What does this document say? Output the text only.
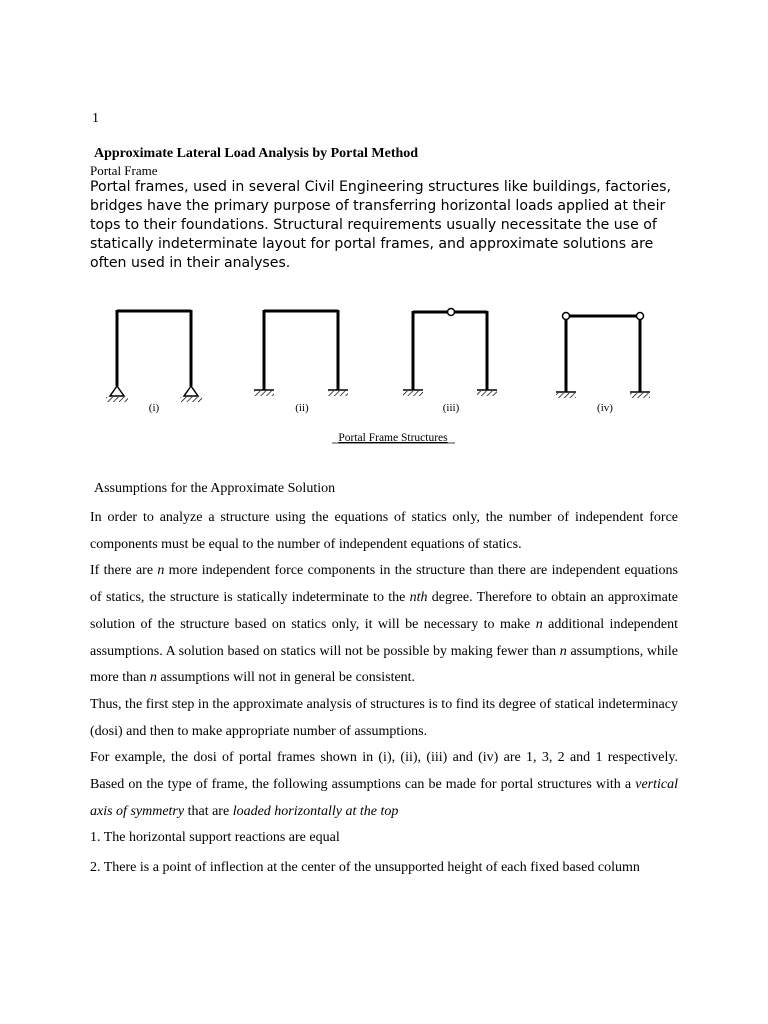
1
Approximate Lateral Load Analysis by Portal Method
Portal Frame
Portal frames, used in several Civil Engineering structures like buildings, factories,
bridges have the primary purpose of transferring horizontal loads applied at their
tops to their foundations. Structural requirements usually necessitate the use of
statically indeterminate layout for portal frames, and approximate solutions are
often used in their analyses.
(i)	(ii)	(iii)	(iv)
Portal Frame Structures
Assumptions for the Approximate Solution

In order to analyze a structure using the equations of statics only, the number of independent force components must be equal to the number of independent equations of statics.

If there are n more independent force components in the structure than there are independent equations of statics, the structure is statically indeterminate to the nth degree. Therefore to obtain an approximate solution of the structure based on statics only, it will be necessary to make n additional independent assumptions. A solution based on statics will not be possible by making fewer than n assumptions, while more than n assumptions will not in general be consistent.

Thus, the first step in the approximate analysis of structures is to find its degree of statical indeterminacy (dosi) and then to make appropriate number of assumptions.

For example, the dosi of portal frames shown in (i), (ii), (iii) and (iv) are 1, 3, 2 and 1 respectively. Based on the type of frame, the following assumptions can be made for portal structures with a vertical axis of symmetry that are loaded horizontally at the top

1. The horizontal support reactions are equal

2. There is a point of inflection at the center of the unsupported height of each fixed based column
